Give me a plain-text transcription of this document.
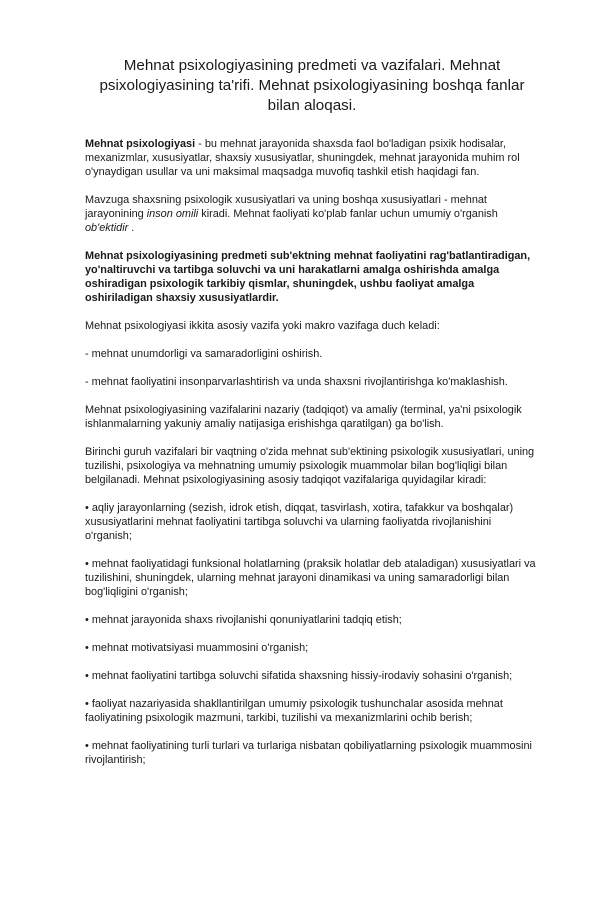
Mehnat psixologiyasining predmeti va vazifalari. Mehnat psixologiyasining ta'rifi. Mehnat psixologiyasining boshqa fanlar bilan aloqasi.

Mehnat psixologiyasi - bu mehnat jarayonida shaxsda faol bo'ladigan psixik hodisalar, mexanizmlar, xususiyatlar, shaxsiy xususiyatlar, shuningdek, mehnat jarayonida muhim rol o'ynaydigan usullar va uni maksimal maqsadga muvofiq tashkil etish haqidagi fan.

Mavzuga shaxsning psixologik xususiyatlari va uning boshqa xususiyatlari - mehnat jarayonining inson omili kiradi. Mehnat faoliyati ko'plab fanlar uchun umumiy o'rganish ob'ektidir .

Mehnat psixologiyasining predmeti sub'ektning mehnat faoliyatini rag'batlantiradigan, yo'naltiruvchi va tartibga soluvchi va uni harakatlarni amalga oshirishda amalga oshiradigan psixologik tarkibiy qismlar, shuningdek, ushbu faoliyat amalga oshiriladigan shaxsiy xususiyatlardir.

Mehnat psixologiyasi ikkita asosiy vazifa yoki makro vazifaga duch keladi:

- mehnat unumdorligi va samaradorligini oshirish.

- mehnat faoliyatini insonparvarlashtirish va unda shaxsni rivojlantirishga ko'maklashish.

Mehnat psixologiyasining vazifalarini nazariy (tadqiqot) va amaliy (terminal, ya'ni psixologik ishlanmalarning yakuniy amaliy natijasiga erishishga qaratilgan) ga bo'lish.

Birinchi guruh vazifalari bir vaqtning o'zida mehnat sub'ektining psixologik xususiyatlari, uning tuzilishi, psixologiya va mehnatning umumiy psixologik muammolar bilan bog'liqligi bilan belgilanadi. Mehnat psixologiyasining asosiy tadqiqot vazifalariga quyidagilar kiradi:

• aqliy jarayonlarning (sezish, idrok etish, diqqat, tasvirlash, xotira, tafakkur va boshqalar) xususiyatlarini mehnat faoliyatini tartibga soluvchi va ularning faoliyatda rivojlanishini o'rganish;

• mehnat faoliyatidagi funksional holatlarning (praksik holatlar deb ataladigan) xususiyatlari va tuzilishini, shuningdek, ularning mehnat jarayoni dinamikasi va uning samaradorligi bilan bog'liqligini o'rganish;

• mehnat jarayonida shaxs rivojlanishi qonuniyatlarini tadqiq etish;

• mehnat motivatsiyasi muammosini o'rganish;

• mehnat faoliyatini tartibga soluvchi sifatida shaxsning hissiy-irodaviy sohasini o'rganish;

• faoliyat nazariyasida shakllantirilgan umumiy psixologik tushunchalar asosida mehnat faoliyatining psixologik mazmuni, tarkibi, tuzilishi va mexanizmlarini ochib berish;

• mehnat faoliyatining turli turlari va turlariga nisbatan qobiliyatlarning psixologik muammosini rivojlantirish;
